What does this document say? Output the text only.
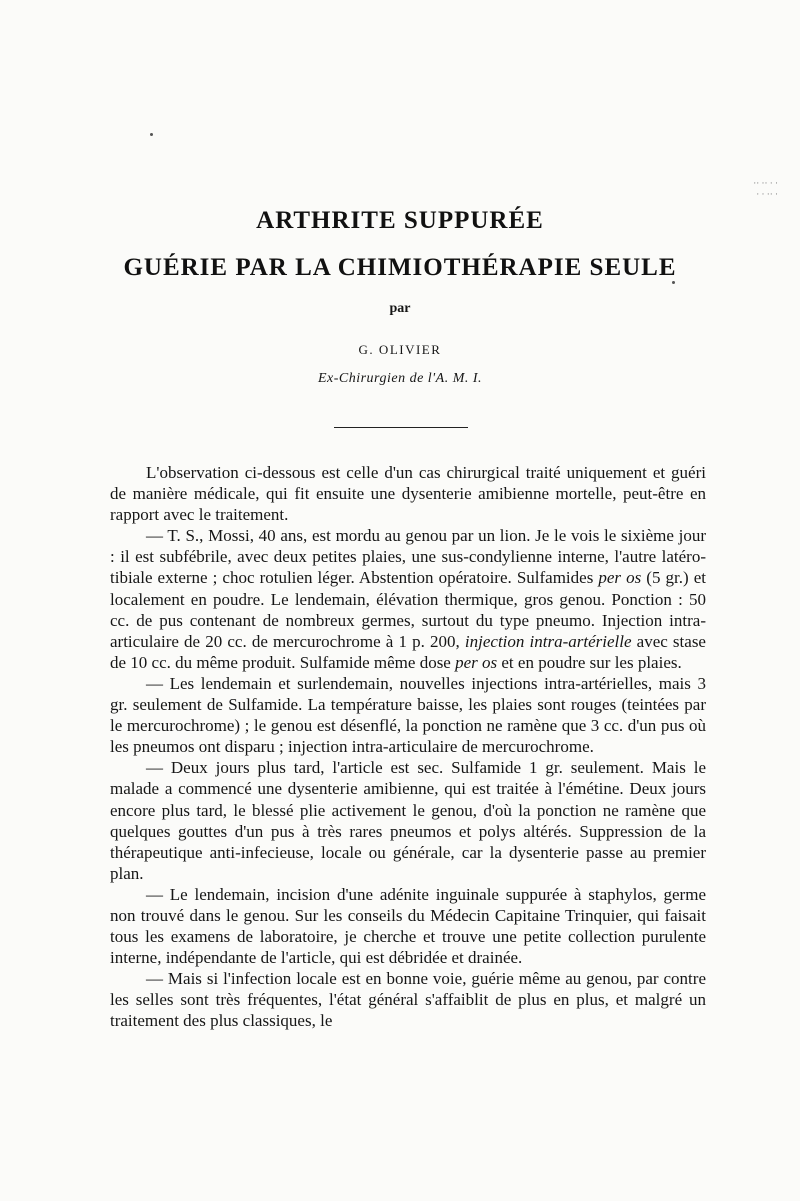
·· ·· · ·
· · ·· ·
ARTHRITE SUPPURÉE
GUÉRIE PAR LA CHIMIOTHÉRAPIE SEULE
par
G. OLIVIER
Ex-Chirurgien de l'A. M. I.

L'observation ci-dessous est celle d'un cas chirurgical traité uniquement et guéri de manière médicale, qui fit ensuite une dysenterie amibienne mortelle, peut-être en rapport avec le traitement.

— T. S., Mossi, 40 ans, est mordu au genou par un lion. Je le vois le sixième jour : il est subfébrile, avec deux petites plaies, une sus-condylienne interne, l'autre latéro-tibiale externe ; choc rotulien léger. Abstention opératoire. Sulfamides per os (5 gr.) et localement en poudre. Le lendemain, élévation thermique, gros genou. Ponction : 50 cc. de pus contenant de nombreux germes, surtout du type pneumo. Injection intra-articulaire de 20 cc. de mercurochrome à 1 p. 200, injection intra-artérielle avec stase de 10 cc. du même produit. Sulfamide même dose per os et en poudre sur les plaies.

— Les lendemain et surlendemain, nouvelles injections intra-artérielles, mais 3 gr. seulement de Sulfamide. La température baisse, les plaies sont rouges (teintées par le mercurochrome) ; le genou est désenflé, la ponction ne ramène que 3 cc. d'un pus où les pneumos ont disparu ; injection intra-articulaire de mercurochrome.

— Deux jours plus tard, l'article est sec. Sulfamide 1 gr. seulement. Mais le malade a commencé une dysenterie amibienne, qui est traitée à l'émétine. Deux jours encore plus tard, le blessé plie activement le genou, d'où la ponction ne ramène que quelques gouttes d'un pus à très rares pneumos et polys altérés. Suppression de la thérapeutique anti-infecieuse, locale ou générale, car la dysenterie passe au premier plan.

— Le lendemain, incision d'une adénite inguinale suppurée à staphylos, germe non trouvé dans le genou. Sur les conseils du Médecin Capitaine Trinquier, qui faisait tous les examens de laboratoire, je cherche et trouve une petite collection purulente interne, indépendante de l'article, qui est débridée et drainée.

— Mais si l'infection locale est en bonne voie, guérie même au genou, par contre les selles sont très fréquentes, l'état général s'affaiblit de plus en plus, et malgré un traitement des plus classiques, le
